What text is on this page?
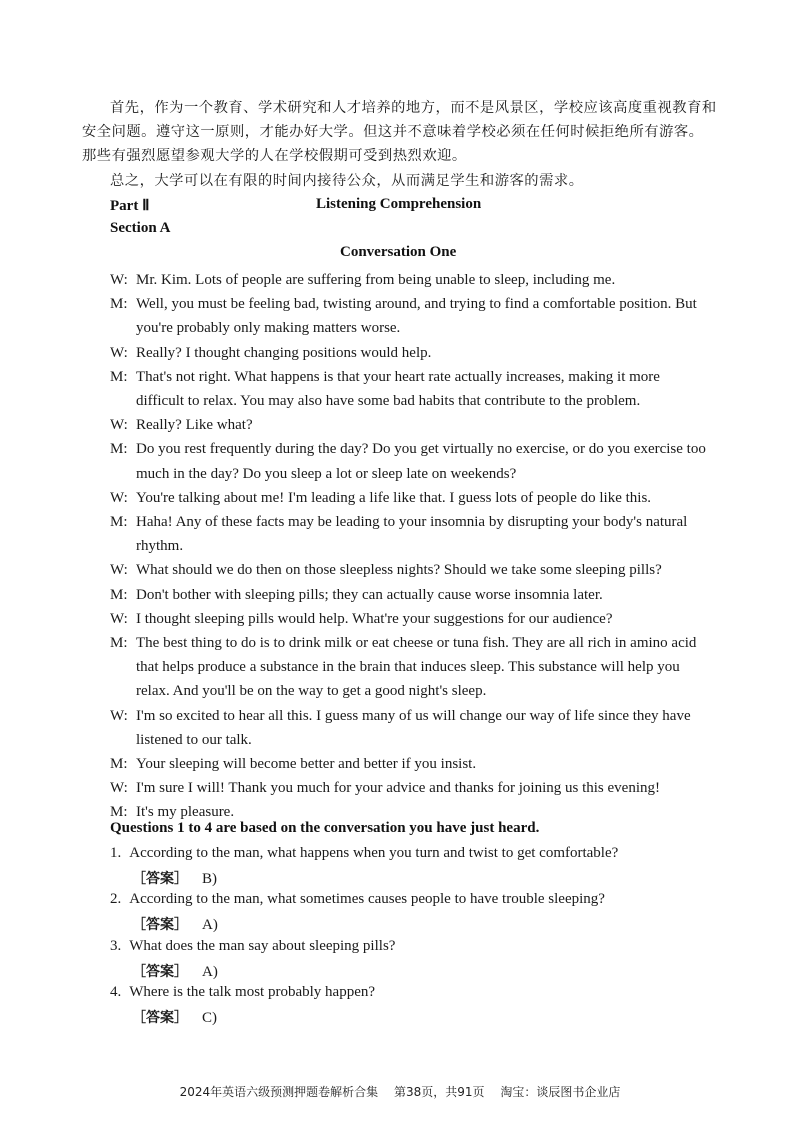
首先，作为一个教育、学术研究和人才培养的地方，而不是风景区，学校应该高度重视教育和
安全问题。遵守这一原则，才能办好大学。但这并不意味着学校必须在任何时候拒绝所有游客。
那些有强烈愿望参观大学的人在学校假期可受到热烈欢迎。
总之，大学可以在有限的时间内接待公众，从而满足学生和游客的需求。
Part Ⅱ	Listening Comprehension
Section A
Conversation One
W: Mr. Kim. Lots of people are suffering from being unable to sleep, including me.
M: Well, you must be feeling bad, twisting around, and trying to find a comfortable position. But
you're probably only making matters worse.
W: Really? I thought changing positions would help.
M: That's not right. What happens is that your heart rate actually increases, making it more
difficult to relax. You may also have some bad habits that contribute to the problem.
W: Really? Like what?
M: Do you rest frequently during the day? Do you get virtually no exercise, or do you exercise too
much in the day? Do you sleep a lot or sleep late on weekends?
W: You're talking about me! I'm leading a life like that. I guess lots of people do like this.
M: Haha! Any of these facts may be leading to your insomnia by disrupting your body's natural
rhythm.
W: What should we do then on those sleepless nights? Should we take some sleeping pills?
M: Don't bother with sleeping pills; they can actually cause worse insomnia later.
W: I thought sleeping pills would help. What're your suggestions for our audience?
M: The best thing to do is to drink milk or eat cheese or tuna fish. They are all rich in amino acid
that helps produce a substance in the brain that induces sleep. This substance will help you
relax. And you'll be on the way to get a good night's sleep.
W: I'm so excited to hear all this. I guess many of us will change our way of life since they have
listened to our talk.
M: Your sleeping will become better and better if you insist.
W: I'm sure I will! Thank you much for your advice and thanks for joining us this evening!
M: It's my pleasure.
Questions 1 to 4 are based on the conversation you have just heard.
1. According to the man, what happens when you turn and twist to get comfortable?
［答案］ B)
2. According to the man, what sometimes causes people to have trouble sleeping?
［答案］ A)
3. What does the man say about sleeping pills?
［答案］ A)
4. Where is the talk most probably happen?
［答案］ C)
2024年英语六级预测押题卷解析合集 第38页，共91页 淘宝：谈辰图书企业店
